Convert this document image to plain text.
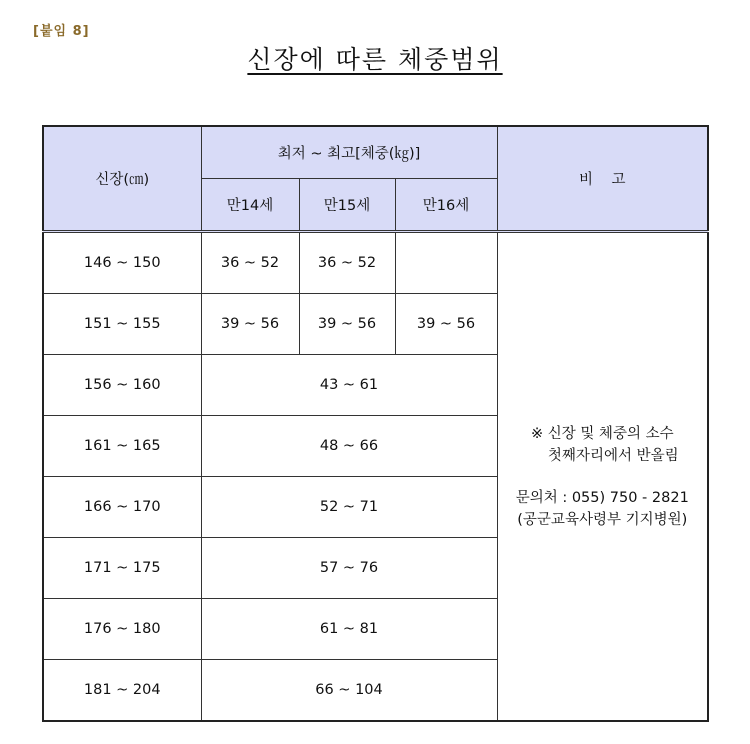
[붙임 8]
신장에 따른 체중범위
신장(㎝)	최저 ~ 최고[체중(㎏)]			비    고
	만14세	만15세	만16세	
146 ~ 150	36 ~ 52	36 ~ 52		※ 신장 및 체중의 소수
첫째자리에서 반올림
문의처 : 055) 750 - 2821
(공군교육사령부 기지병원)

151 ~ 155	39 ~ 56	39 ~ 56	39 ~ 56	
156 ~ 160	43 ~ 61			
161 ~ 165	48 ~ 66			
166 ~ 170	52 ~ 71			
171 ~ 175	57 ~ 76			
176 ~ 180	61 ~ 81			
181 ~ 204	66 ~ 104			
